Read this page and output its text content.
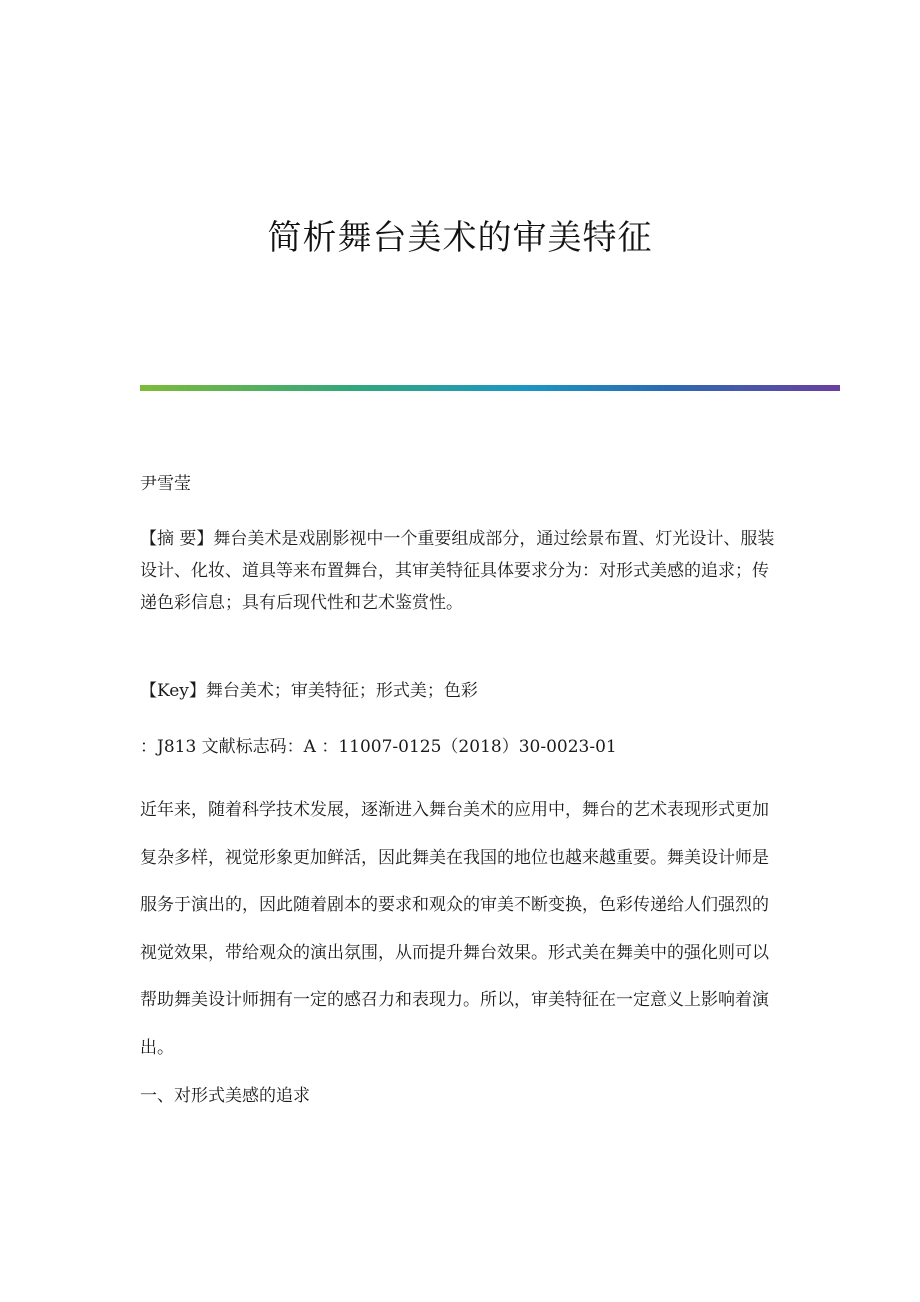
简析舞台美术的审美特征

尹雪莹

【摘 要】舞台美术是戏剧影视中一个重要组成部分，通过绘景布置、灯光设计、服装设计、化妆、道具等来布置舞台，其审美特征具体要求分为：对形式美感的追求；传递色彩信息；具有后现代性和艺术鉴赏性。

【Key】舞台美术；审美特征；形式美；色彩

：J813 文献标志码：A ：11007-0125（2018）30-0023-01

近年来，随着科学技术发展，逐渐进入舞台美术的应用中，舞台的艺术表现形式更加复杂多样，视觉形象更加鲜活，因此舞美在我国的地位也越来越重要。舞美设计师是服务于演出的，因此随着剧本的要求和观众的审美不断变换，色彩传递给人们强烈的视觉效果，带给观众的演出氛围，从而提升舞台效果。形式美在舞美中的强化则可以帮助舞美设计师拥有一定的感召力和表现力。所以，审美特征在一定意义上影响着演出。

一、对形式美感的追求
